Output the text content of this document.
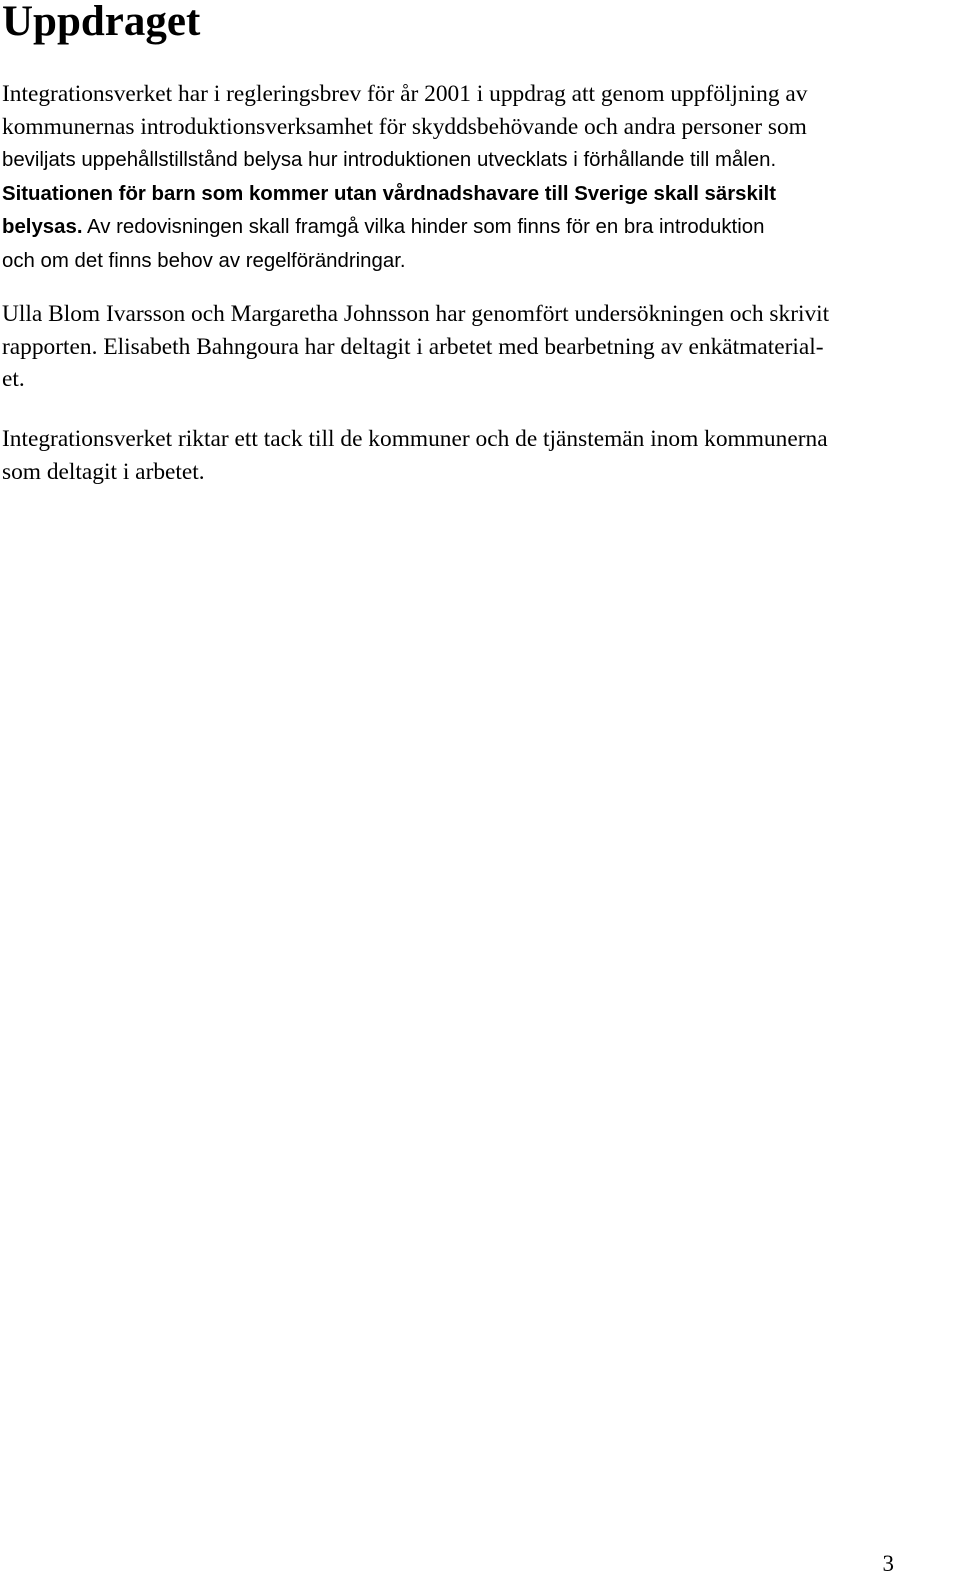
Uppdraget

Integrationsverket har i regleringsbrev för år 2001 i uppdrag att genom uppföljning av
kommunernas introduktionsverksamhet för skyddsbehövande och andra personer som
beviljats uppehållstillstånd belysa hur introduktionen utvecklats i förhållande till målen.
Situationen för barn som kommer utan vårdnadshavare till Sverige skall särskilt
belysas. Av redovisningen skall framgå vilka hinder som finns för en bra introduktion
och om det finns behov av regelförändringar.

Ulla Blom Ivarsson och Margaretha Johnsson har genomfört undersökningen och skrivit
rapporten. Elisabeth Bahngoura har deltagit i arbetet med bearbetning av enkätmaterial-
et.

Integrationsverket riktar ett tack till de kommuner och de tjänstemän inom kommunerna
som deltagit i arbetet.

3
